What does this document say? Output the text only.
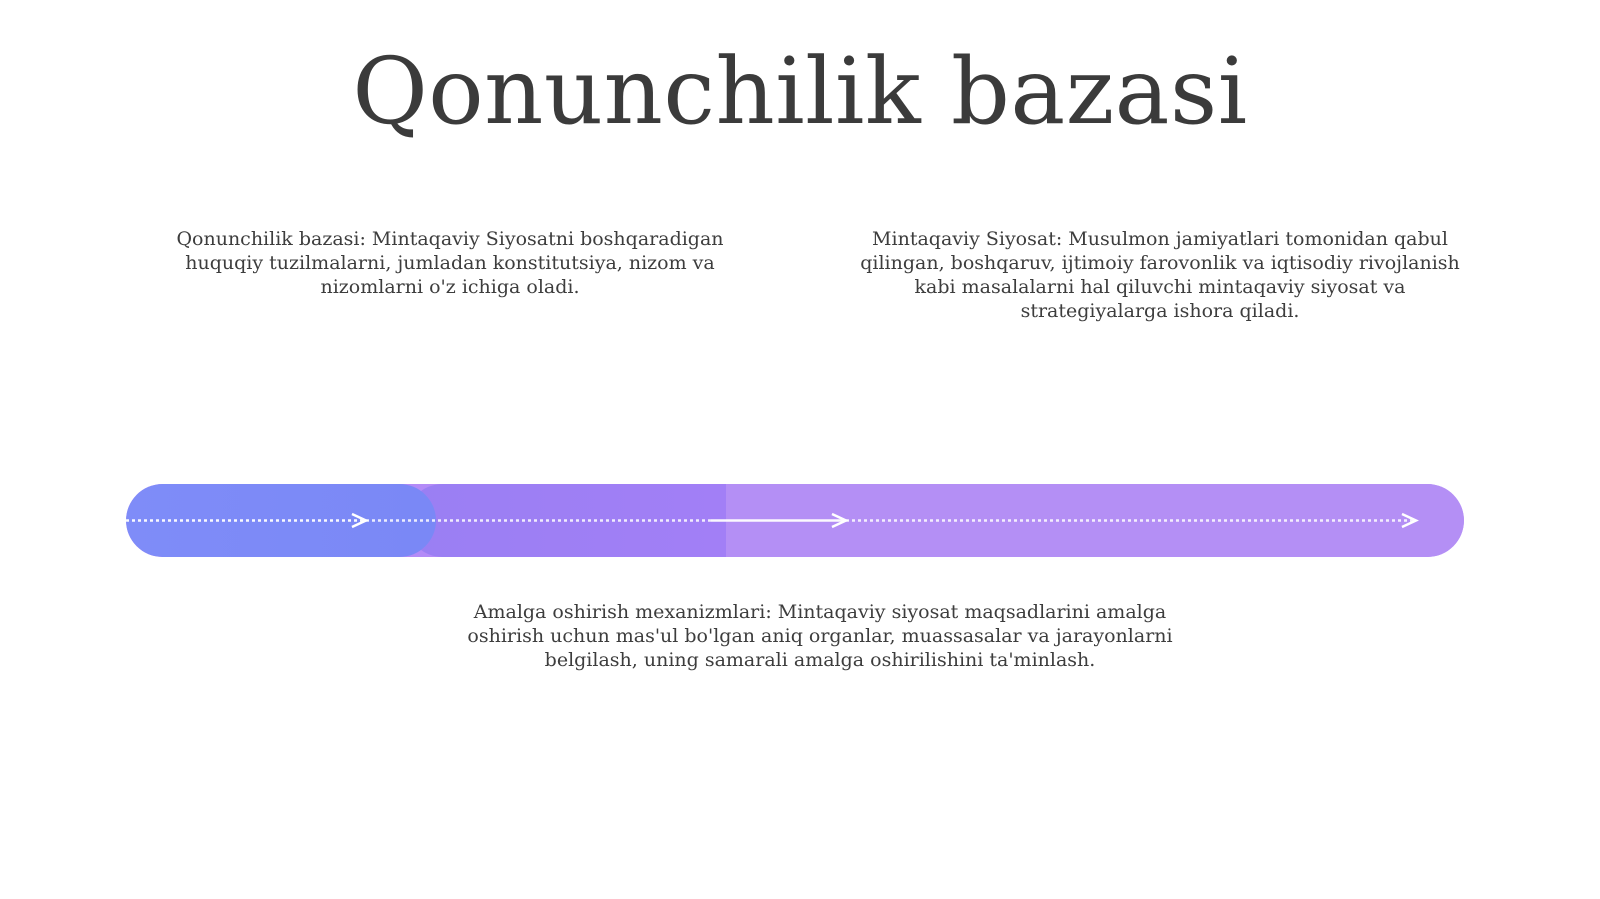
Qonunchilik bazasi
Qonunchilik bazasi: Mintaqaviy Siyosatni boshqaradigan huquqiy tuzilmalarni, jumladan konstitutsiya, nizom va nizomlarni o'z ichiga oladi.
Mintaqaviy Siyosat: Musulmon jamiyatlari tomonidan qabul qilingan, boshqaruv, ijtimoiy farovonlik va iqtisodiy rivojlanish kabi masalalarni hal qiluvchi mintaqaviy siyosat va strategiyalarga ishora qiladi.
Amalga oshirish mexanizmlari: Mintaqaviy siyosat maqsadlarini amalga oshirish uchun mas'ul bo'lgan aniq organlar, muassasalar va jarayonlarni belgilash, uning samarali amalga oshirilishini ta'minlash.
